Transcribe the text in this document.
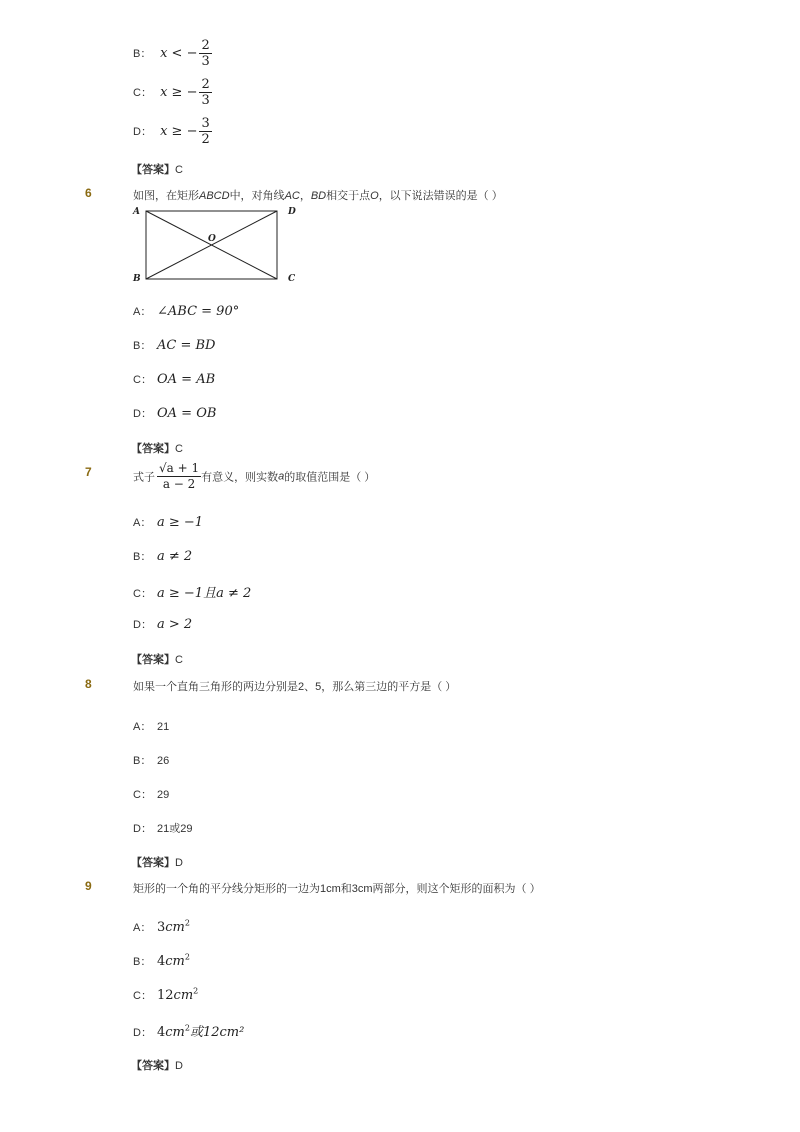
B： x < − $\frac{2}{3}$
C： x ≥ − $\frac{2}{3}$
D： x ≥ − $\frac{3}{2}$
【答案】C
6	如图，在矩形ABCD中，对角线AC，BD相交于点O，以下说法错误的是（ ）
A	D
B	C
O
A： ∠ABC = 90°
B： AC = BD
C： OA = AB
D： OA = OB
【答案】C
7	式子 $\frac{√a + 1}{a - 2}$ 有意义，则实数a的取值范围是（ ）
A： a ≥ −1
B： a ≠ 2
C： a ≥ −1且a ≠ 2
D： a > 2
【答案】C
8	如果一个直角三角形的两边分别是2、5，那么第三边的平方是（ ）
A： 21
B： 26
C： 29
D： 21或29
【答案】D
9	矩形的一个角的平分线分矩形的一边为1cm和3cm两部分，则这个矩形的面积为（ ）
A： $3cm^2$
B： $4cm^2$
C： $12cm^2$
D： $4cm^2$或12cm²
【答案】D
